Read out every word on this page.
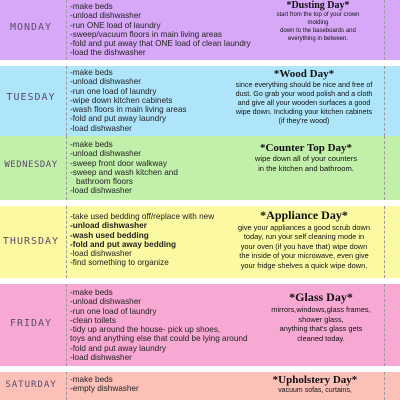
MONDAY
-make beds
-unload dishwasher
-run ONE load of laundry
-sweep/vacuum floors in main living areas
-fold and put away that ONE load of clean laundry
-load the dishwasher
*Dusting Day*
start from the top of your crown
molding
down to the baseboards and
everything in between.
TUESDAY
-make beds
-unload dishwasher
-run one load of laundry
-wipe down kitchen cabinets
-wash floors in main living areas
-fold and put away laundry
-load dishwasher
*Wood Day*
since everything should be nice and free of
dust. Go grab your wood polish and a cloth
and give all your wooden surfaces a good
wipe down. Including your kitchen cabinets
(if they're wood)
WEDNESDAY
-make beds
-unload dishwasher
-sweep front door walkway
-sweep and wash kitchen and
bathroom floors
-load dishwasher
*Counter Top Day*
wipe down all of your counters
in the kitchen and bathroom.
THURSDAY
-take used bedding off/replace with new
-unload dishwasher
-wash used bedding
-fold and put away bedding
-load dishwasher
-find something to organize
*Appliance Day*
give your appliances a good scrub down
today, run your self cleaning mode in
your oven (if you have that) wipe down
the inside of your microwave, even give
your fridge shelves a quick wipe down.
FRIDAY
-make beds
-unload dishwasher
-run one load of laundry
-clean toilets
-tidy up around the house- pick up shoes,
toys and anything else that could be lying around
-fold and put away laundry
-load dishwasher
*Glass Day*
mirrors,windows,glass frames,
shower glass,
anything that's glass gets
cleaned today.
SATURDAY
-make beds
-empty dishwasher
*Upholstery Day*
vacuum sofas, curtains,
